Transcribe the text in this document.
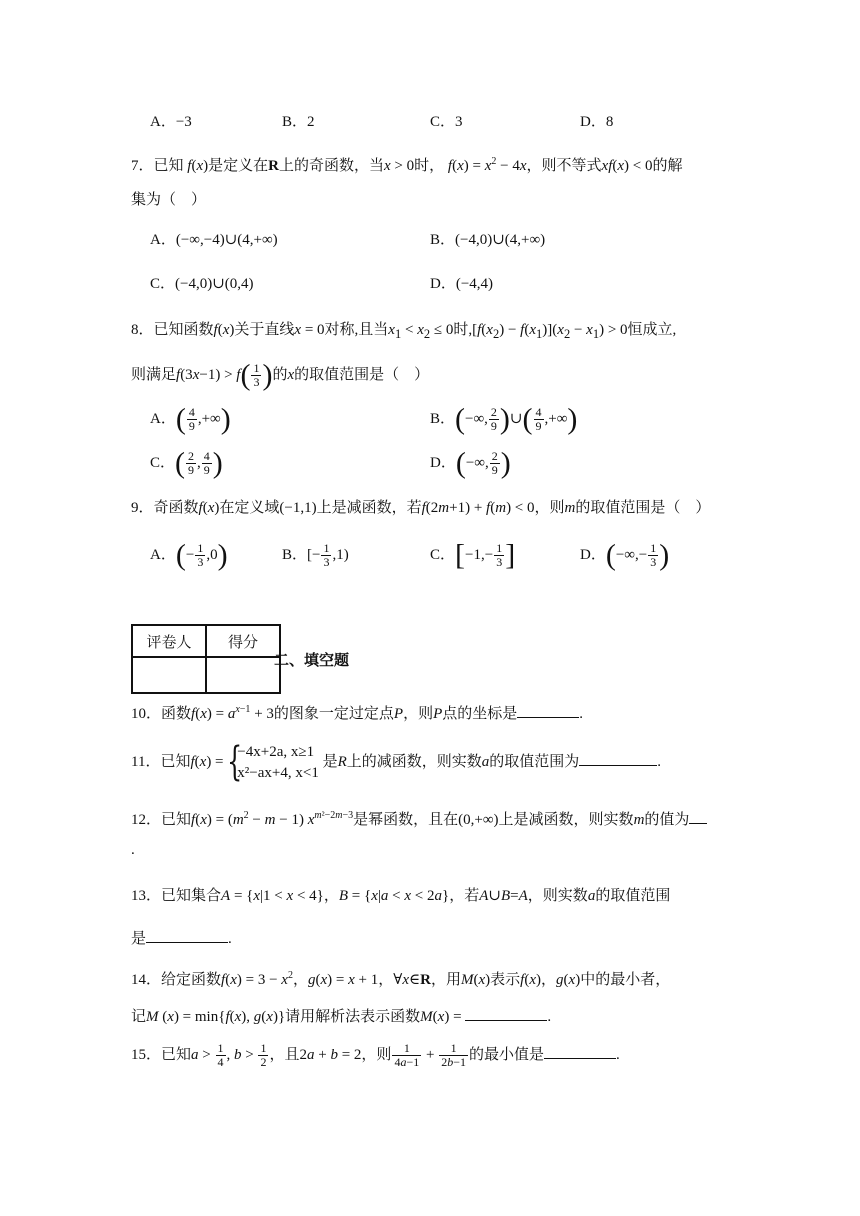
A．−3	B．2	C．3	D．8
7．已知 f(x)是定义在R上的奇函数，当x > 0时， $f(x) = x^2 - 4x$，则不等式xf(x) < 0的解
集为（　）
A．(−∞,−4)∪(4,+∞)	B．(−4,0)∪(4,+∞)
C．(−4,0)∪(0,4)	D．(−4,4)
8．已知函数f(x)关于直线x = 0对称,且当$x_1 < x_2 \le 0$时$,[f(x_2) - f(x_1)](x_2 - x_1) > 0$恒成立,
则满足$f(3x-1) > f( \frac{1}{3}$ )的x的取值范围是（　）
A．( $\frac{4}{9}$ ,+∞)	B．(−∞, $\frac{2}{9}$ )∪( $\frac{4}{9}$ ,+∞)
C．( $\frac{2}{9}$ , $\frac{4}{9}$ )	D．(−∞, $\frac{2}{9}$ )
9．奇函数f(x)在定义域(−1,1)上是减函数，若f(2m+1) + f(m) < 0，则m的取值范围是（　）
A．(− $\frac{1}{3} ,0$)	B．[− $\frac{1}{3} ,1$)	C．[$-1,- \frac{1}{3}$ ]	D．(−∞,− $\frac{1}{3}$ )
评卷人	得分

二、填空题
10．函数$f(x) = a^{x-1} + 3$的图象一定过定点P，则P点的坐标是	.
11．已知f(x) = {
−4x+2a, x≥1
x²−ax+4, x<1
是R上的减函数，则实数a的取值范围为	.
12．已知$f(x) = (m^2 - m - 1)$ $x^{m^2-2m-3}$是幂函数，且在(0,+∞)上是减函数，则实数m的值为
.
13．已知集合A = {x|1 < x < 4}，B = {x|a < x < 2a}，若A∪B=A，则实数a的取值范围
是	.
14．给定函数$f(x) = 3 - x^2$，g(x) = x + 1，∀x∈R，用M(x)表示f(x)，g(x)中的最小者，
记M (x) = min{f(x), g(x)}请用解析法表示函数M(x) =	.
15．已知$a > \frac{1}{4}$ , $b > \frac{1}{2}$ ，且2a + b = 2，则 $\frac{1}{4a-1} + \frac{1}{2b-1}$ 的最小值是	.
